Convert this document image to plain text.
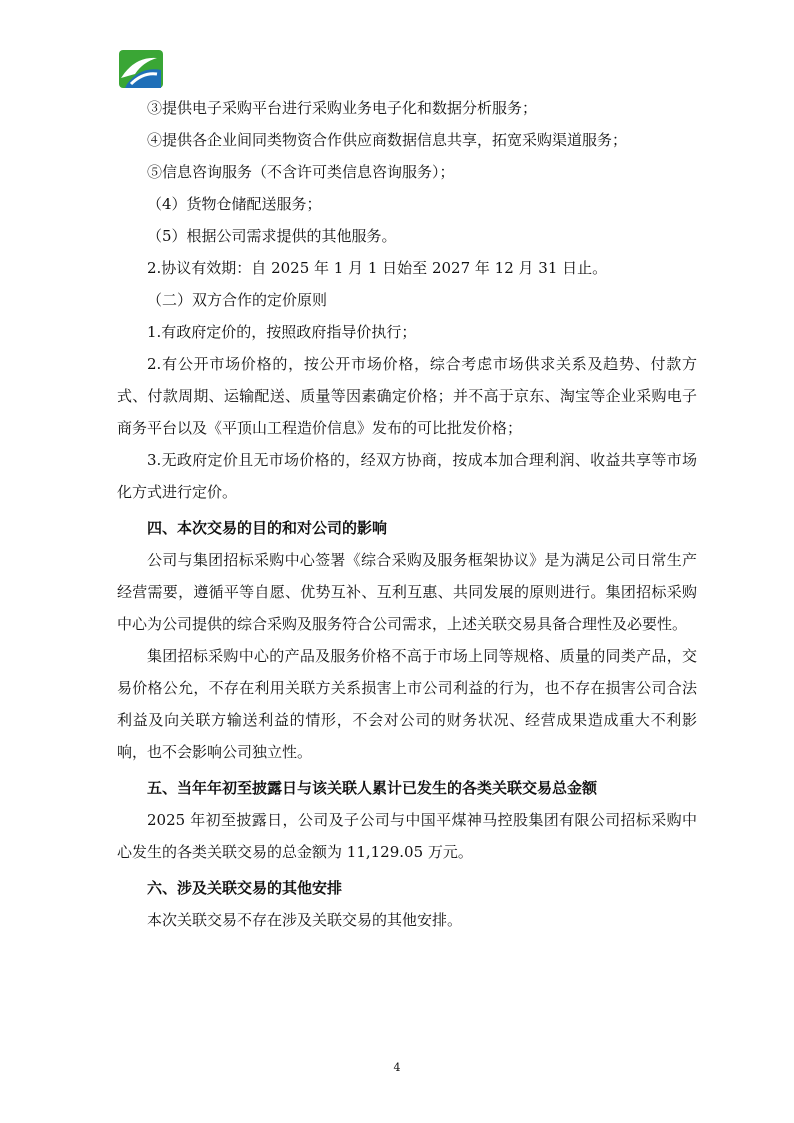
③提供电子采购平台进行采购业务电子化和数据分析服务；

④提供各企业间同类物资合作供应商数据信息共享，拓宽采购渠道服务；

⑤信息咨询服务（不含许可类信息咨询服务）；

（4）货物仓储配送服务；

（5）根据公司需求提供的其他服务。

2.协议有效期：自 2025 年 1 月 1 日始至 2027 年 12 月 31 日止。

（二）双方合作的定价原则

1.有政府定价的，按照政府指导价执行；

2.有公开市场价格的，按公开市场价格，综合考虑市场供求关系及趋势、付款方式、付款周期、运输配送、质量等因素确定价格；并不高于京东、淘宝等企业采购电子商务平台以及《平顶山工程造价信息》发布的可比批发价格；

3.无政府定价且无市场价格的，经双方协商，按成本加合理利润、收益共享等市场化方式进行定价。

四、本次交易的目的和对公司的影响

公司与集团招标采购中心签署《综合采购及服务框架协议》是为满足公司日常生产经营需要，遵循平等自愿、优势互补、互利互惠、共同发展的原则进行。集团招标采购中心为公司提供的综合采购及服务符合公司需求，上述关联交易具备合理性及必要性。

集团招标采购中心的产品及服务价格不高于市场上同等规格、质量的同类产品，交易价格公允，不存在利用关联方关系损害上市公司利益的行为，也不存在损害公司合法利益及向关联方输送利益的情形，不会对公司的财务状况、经营成果造成重大不利影响，也不会影响公司独立性。

五、当年年初至披露日与该关联人累计已发生的各类关联交易总金额

2025 年初至披露日，公司及子公司与中国平煤神马控股集团有限公司招标采购中心发生的各类关联交易的总金额为 11,129.05 万元。

六、涉及关联交易的其他安排

本次关联交易不存在涉及关联交易的其他安排。

4
